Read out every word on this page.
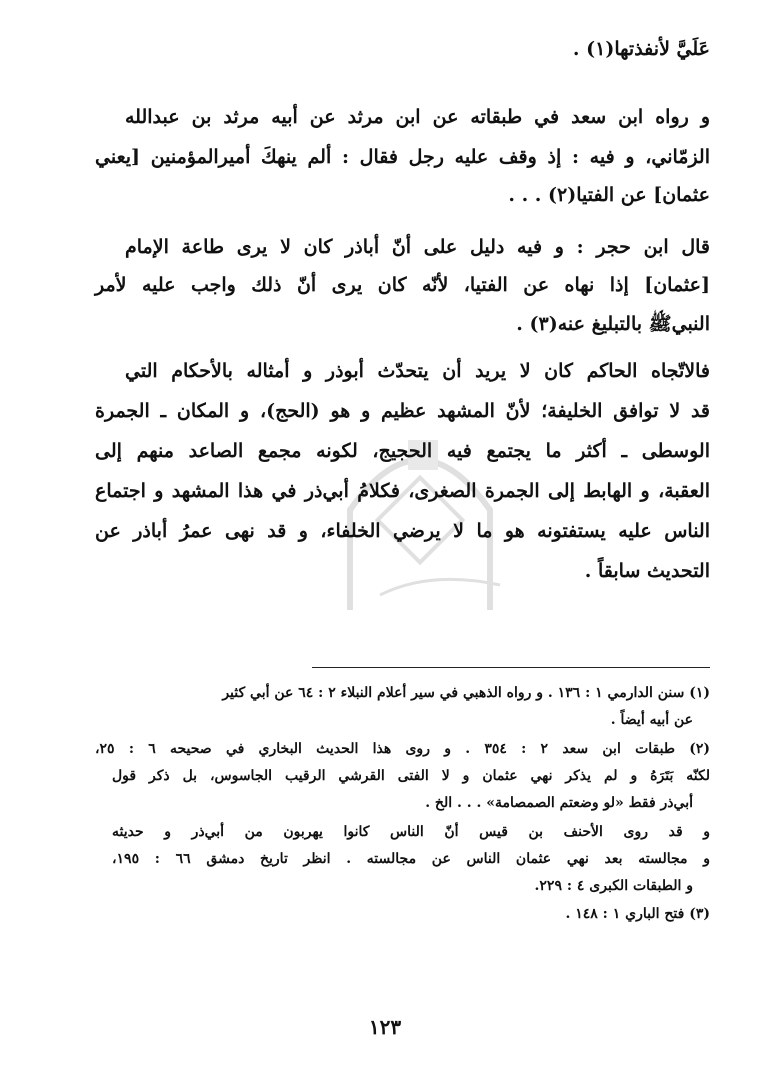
عَلَيَّ لأنفذتها(١) .
و رواه ابن سعد في طبقاته عن ابن مرثد عن أبيه مرثد بن عبدالله
الزمّاني، و فيه : إذ وقف عليه رجل فقال : ألم ينهكَ أميرالمؤمنين [يعني
عثمان] عن الفتيا(٢) . . .
قال ابن حجر : و فيه دليل على أنّ أباذر كان لا يرى طاعة الإمام
[عثمان] إذا نهاه عن الفتيا، لأنّه كان يرى أنّ ذلك واجب عليه لأمر
النبيﷺ بالتبليغ عنه(٣) .
فالاتّجاه الحاكم كان لا يريد أن يتحدّث أبوذر و أمثاله بالأحكام التي
قد لا توافق الخليفة؛ لأنّ المشهد عظيم و هو (الحج)، و المكان ـ الجمرة
الوسطى ـ أكثر ما يجتمع فيه الحجيج، لكونه مجمع الصاعد منهم إلى
العقبة، و الهابط إلى الجمرة الصغرى، فكلامُ أبي‌ذر في هذا المشهد و اجتماع
الناس عليه يستفتونه هو ما لا يرضي الخلفاء، و قد نهى عمرُ أباذر عن
التحديث سابقاً .
(١) سنن الدارمي ١ : ١٣٦ . و رواه الذهبي في سير أعلام النبلاء ٢ : ٦٤ عن أبي كثير
عن أبيه أيضاً .
(٢) طبقات ابن سعد ٢ : ٣٥٤ . و روى هذا الحديث البخاري في صحيحه ٦ : ٢٥،
لكنّه بَتَرَهُ و لم يذكر نهي عثمان و لا الفتى القرشي الرقيب الجاسوس، بل ذكر قول
أبي‌ذر فقط «لو وضعتم الصمصامة» . . . الخ .
و قد روى الأحنف بن قيس أنّ الناس كانوا يهربون من أبي‌ذر و حديثه
و مجالسته بعد نهي عثمان الناس عن مجالسته . انظر تاريخ دمشق ٦٦ : ١٩٥،
و الطبقات الكبرى ٤ : ٢٢٩.
(٣) فتح الباري ١ : ١٤٨ .
١٢٣
